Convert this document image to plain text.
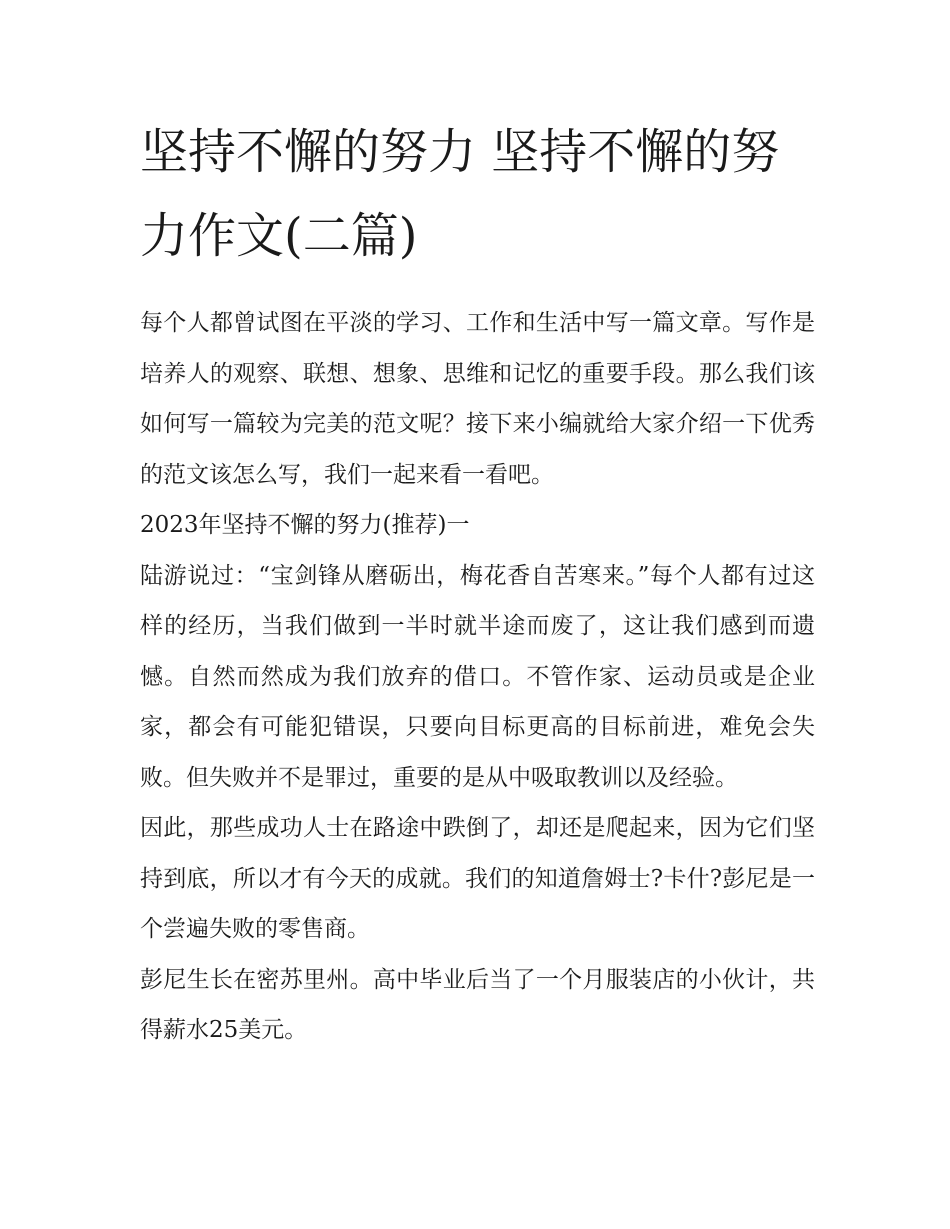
坚持不懈的努力 坚持不懈的努力作文(二篇)

每个人都曾试图在平淡的学习、工作和生活中写一篇文章。写作是培养人的观察、联想、想象、思维和记忆的重要手段。那么我们该如何写一篇较为完美的范文呢？接下来小编就给大家介绍一下优秀的范文该怎么写，我们一起来看一看吧。

2023年坚持不懈的努力(推荐)一

陆游说过：“宝剑锋从磨砺出，梅花香自苦寒来。”每个人都有过这样的经历，当我们做到一半时就半途而废了，这让我们感到而遗憾。自然而然成为我们放弃的借口。不管作家、运动员或是企业家，都会有可能犯错误，只要向目标更高的目标前进，难免会失败。但失败并不是罪过，重要的是从中吸取教训以及经验。

因此，那些成功人士在路途中跌倒了，却还是爬起来，因为它们坚持到底，所以才有今天的成就。我们的知道詹姆士?卡什?彭尼是一个尝遍失败的零售商。

彭尼生长在密苏里州。高中毕业后当了一个月服装店的小伙计，共得薪水25美元。
